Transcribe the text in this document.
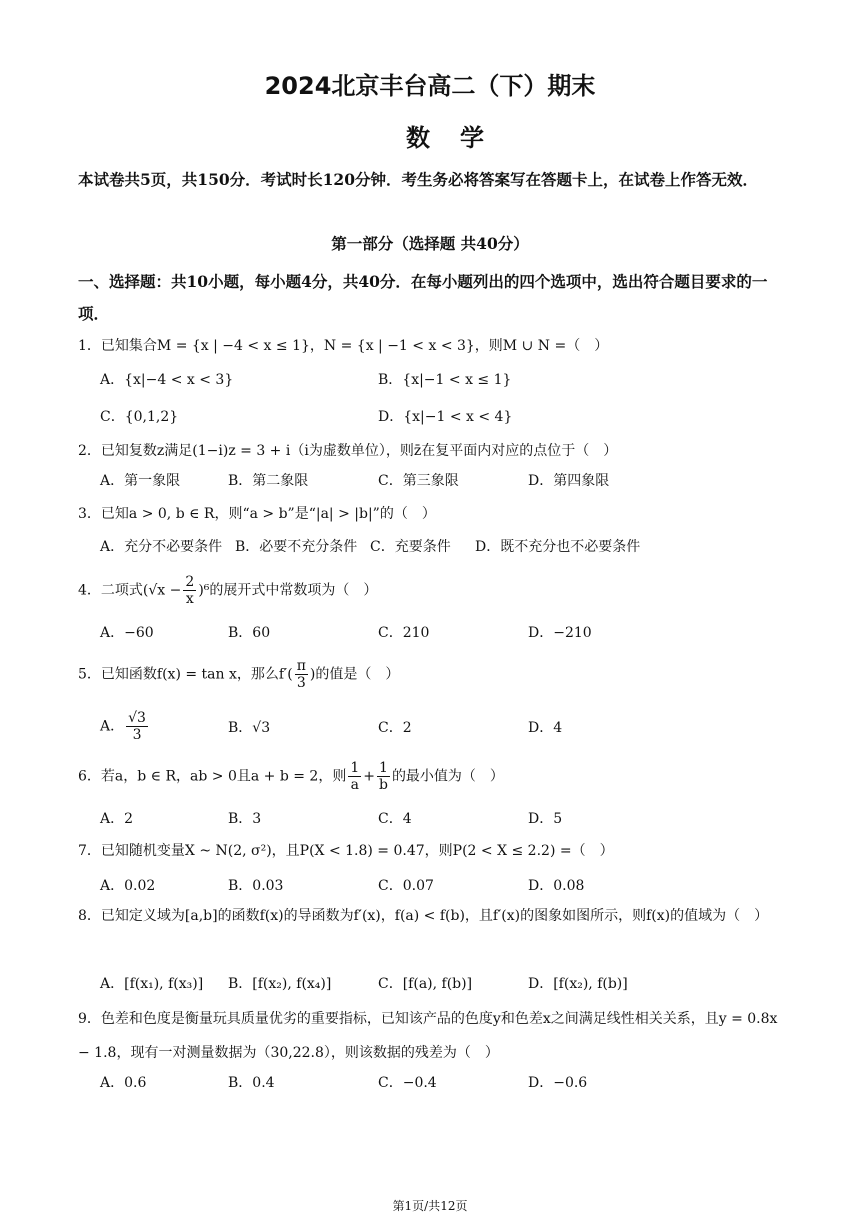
2024北京丰台高二（下）期末
数学
本试卷共5页，共150分．考试时长120分钟．考生务必将答案写在答题卡上，在试卷上作答无效．
第一部分（选择题 共40分）
一、选择题：共10小题，每小题4分，共40分．在每小题列出的四个选项中，选出符合题目要求的一项．
1．已知集合M = {x | −4 < x ≤ 1}，N = {x | −1 < x < 3}，则M ∪ N =（　）
A．{x|−4 < x < 3}	B．{x|−1 < x ≤ 1}
C．{0,1,2}	D．{x|−1 < x < 4}
2．已知复数z满足(1−i)z = 3 + i（i为虚数单位），则z̄在复平面内对应的点位于（　）
A．第一象限	B．第二象限	C．第三象限	D．第四象限
3．已知a > 0, b ∈ R，则“a > b”是“|a| > |b|”的（　）
A．充分不必要条件 B．必要不充分条件 C．充要条件 D．既不充分也不必要条件
4．二项式$(√x - \frac{2}{x} )^6$的展开式中常数项为（　）
A．−60	B．60	C．210	D．−210
5．已知函数f(x) = tan x，那么$f'( \frac{\pi}{3}$ )的值是（　）
A． $\frac{√3}{3}$	B．√3	C．2	D．4
6．若a，b ∈ R，ab > 0且a + b = 2，则 $\frac{1}{a} + \frac{1}{b}$ 的最小值为（　）
A．2	B．3	C．4	D．5
7．已知随机变量X ~ N(2, σ²)，且P(X < 1.8) = 0.47，则P(2 < X ≤ 2.2) =（　）
A．0.02	B．0.03	C．0.07	D．0.08
8．已知定义域为[a,b]的函数f(x)的导函数为f′(x)，f(a) < f(b)，且f′(x)的图象如图所示，则f(x)的值域为（　）
A．[f(x₁), f(x₃)] B．[f(x₂), f(x₄)]	C．[f(a), f(b)]	D．[f(x₂), f(b)]
9．色差和色度是衡量玩具质量优劣的重要指标，已知该产品的色度y和色差x之间满足线性相关关系，且y = 0.8x − 1.8，现有一对测量数据为（30,22.8），则该数据的残差为（　）
A．0.6	B．0.4	C．−0.4	D．−0.6
第1页/共12页
